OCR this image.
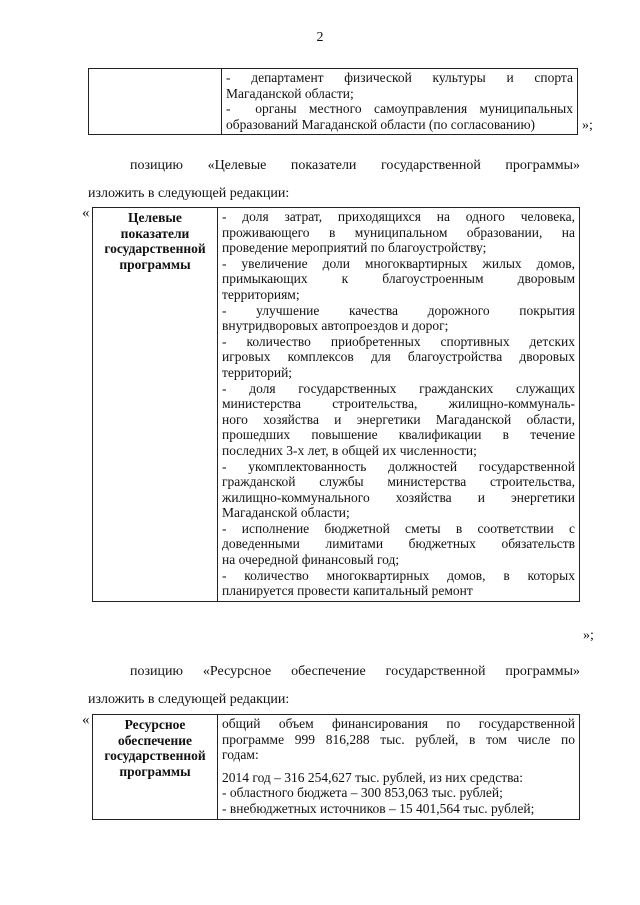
2

-   департамент   физической   культуры   и   спорта
Магаданской области;
-  органы местного самоуправления муниципальных
образований Магаданской области (по согласованию)	»;
позицию «Целевые показатели государственной программы»
изложить в следующей редакции:
«	Целевые
показатели
государственной
программы

- доля затрат, приходящихся на одного человека,
проживающего в муниципальном образовании, на
проведение мероприятий по благоустройству;
- увеличение доли многоквартирных жилых домов,
примыкающих к благоустроенным дворовым
территориям;
- улучшение качества дорожного покрытия
внутридворовых автопроездов и дорог;
- количество приобретенных спортивных детских
игровых комплексов для благоустройства дворовых
территорий;
- доля государственных гражданских служащих
министерства строительства, жилищно-коммуналь-
ного хозяйства и энергетики Магаданской области,
прошедших повышение квалификации в течение
последних 3-х лет, в общей их численности;
- укомплектованность должностей государственной
гражданской службы министерства строительства,
жилищно-коммунального хозяйства и энергетики
Магаданской области;
- исполнение бюджетной сметы в соответствии с
доведенными лимитами бюджетных обязательств
на очередной финансовый год;
- количество многоквартирных домов, в которых
планируется провести капитальный ремонт
»;
позицию «Ресурсное обеспечение государственной программы»
изложить в следующей редакции:
«	Ресурсное
обеспечение
государственной
программы

общий объем финансирования по государственной
программе 999 816,288 тыс. рублей, в том числе по
годам:
2014 год – 316 254,627 тыс. рублей, из них средства:
- областного бюджета – 300 853,063 тыс. рублей;
- внебюджетных источников – 15 401,564 тыс. рублей;
